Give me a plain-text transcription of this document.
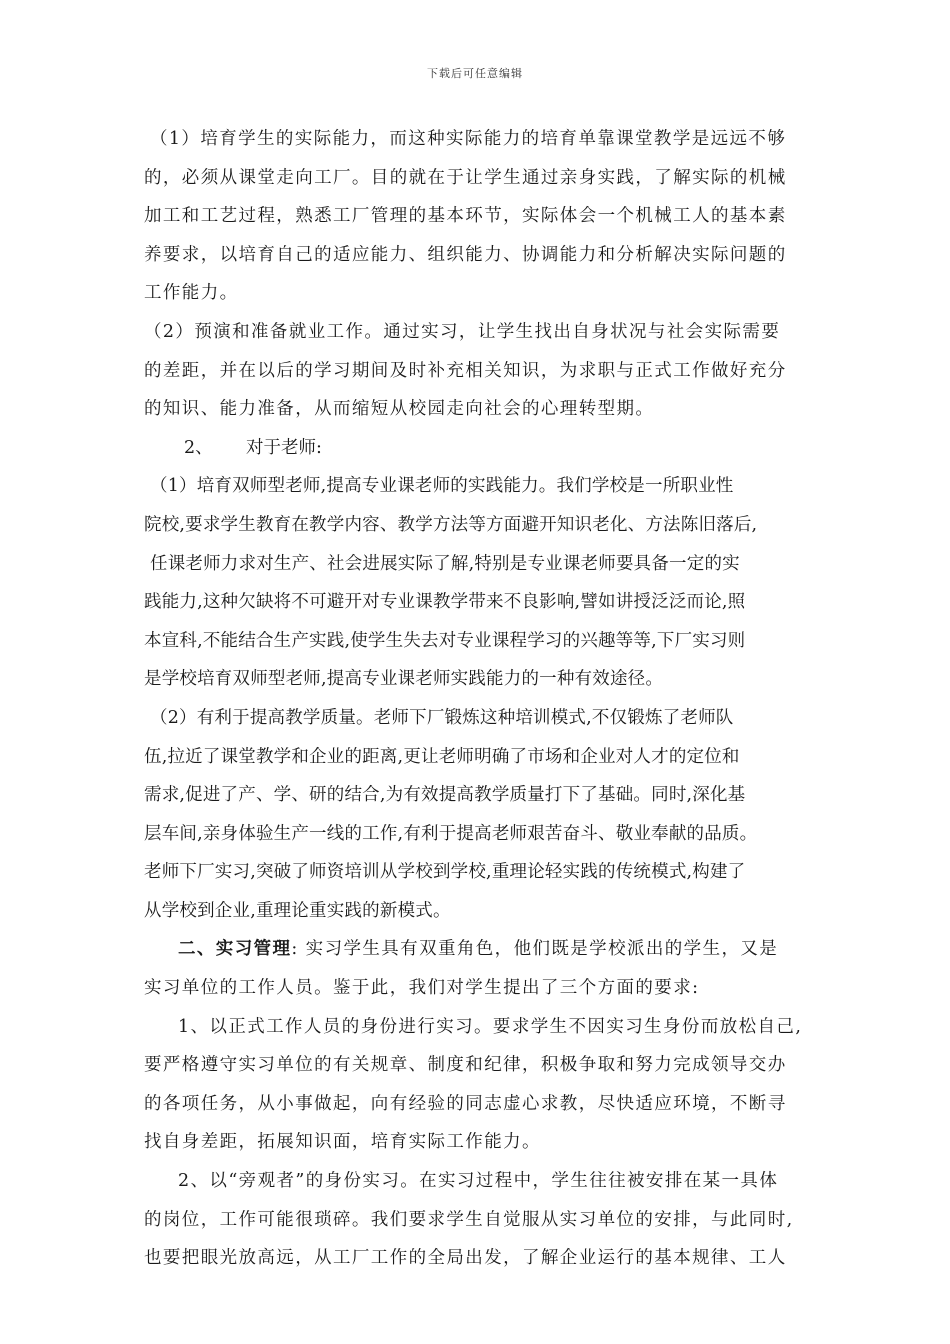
下载后可任意编辑
（1）培育学生的实际能力，而这种实际能力的培育单靠课堂教学是远远不够
的，必须从课堂走向工厂。目的就在于让学生通过亲身实践，了解实际的机械
加工和工艺过程，熟悉工厂管理的基本环节，实际体会一个机械工人的基本素
养要求，以培育自己的适应能力、组织能力、协调能力和分析解决实际问题的
工作能力。
（2）预演和准备就业工作。通过实习，让学生找出自身状况与社会实际需要
的差距，并在以后的学习期间及时补充相关知识，为求职与正式工作做好充分
的知识、能力准备，从而缩短从校园走向社会的心理转型期。
2、 对于老师:
（1）培育双师型老师,提高专业课老师的实践能力。我们学校是一所职业性
院校,要求学生教育在教学内容、教学方法等方面避开知识老化、方法陈旧落后,
任课老师力求对生产、社会进展实际了解,特别是专业课老师要具备一定的实
践能力,这种欠缺将不可避开对专业课教学带来不良影响,譬如讲授泛泛而论,照
本宣科,不能结合生产实践,使学生失去对专业课程学习的兴趣等等,下厂实习则
是学校培育双师型老师,提高专业课老师实践能力的一种有效途径。
（2）有利于提高教学质量。老师下厂锻炼这种培训模式,不仅锻炼了老师队
伍,拉近了课堂教学和企业的距离,更让老师明确了市场和企业对人才的定位和
需求,促进了产、学、研的结合,为有效提高教学质量打下了基础。同时,深化基
层车间,亲身体验生产一线的工作,有利于提高老师艰苦奋斗、敬业奉献的品质。
老师下厂实习,突破了师资培训从学校到学校,重理论轻实践的传统模式,构建了
从学校到企业,重理论重实践的新模式。
二、实习管理: 实习学生具有双重角色，他们既是学校派出的学生，又是
实习单位的工作人员。鉴于此，我们对学生提出了三个方面的要求:
1、以正式工作人员的身份进行实习。要求学生不因实习生身份而放松自己,
要严格遵守实习单位的有关规章、制度和纪律，积极争取和努力完成领导交办
的各项任务，从小事做起，向有经验的同志虚心求教，尽快适应环境，不断寻
找自身差距，拓展知识面，培育实际工作能力。
2、以“旁观者”的身份实习。在实习过程中，学生往往被安排在某一具体
的岗位，工作可能很琐碎。我们要求学生自觉服从实习单位的安排，与此同时,
也要把眼光放高远，从工厂工作的全局出发，了解企业运行的基本规律、工人
